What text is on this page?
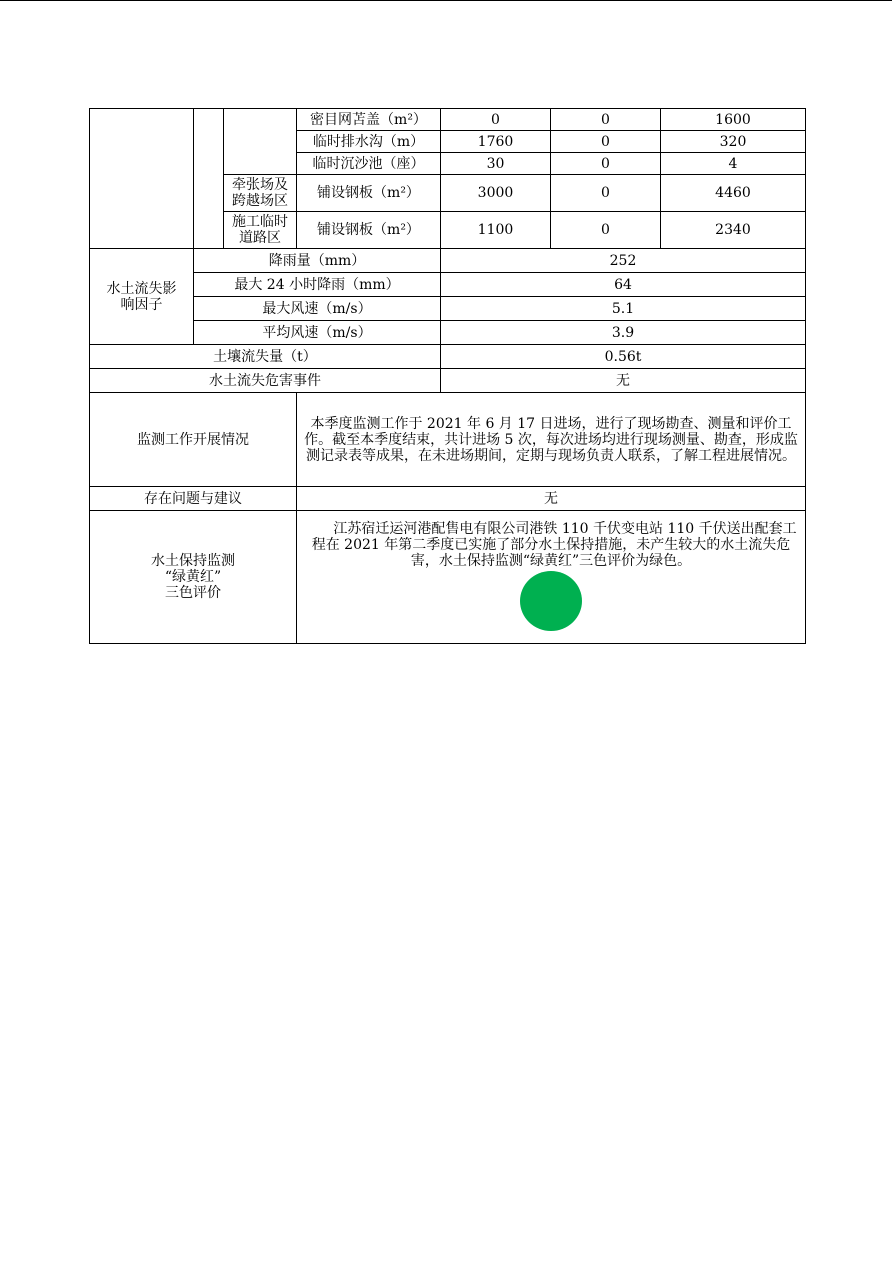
			密目网苫盖（m²）	0	0	1600
			临时排水沟（m）	1760	0	320
			临时沉沙池（座）	30	0	4
		牵张场及跨越场区	铺设钢板（m²）	3000	0	4460
		施工临时道路区	铺设钢板（m²）	1100	0	2340
水土流失影响因子	降雨量（mm）			252		
	最大 24 小时降雨（mm）			64		
	最大风速（m/s）			5.1		
	平均风速（m/s）			3.9		
土壤流失量（t）				0.56t		
水土流失危害事件				无		
监测工作开展情况			本季度监测工作于 2021 年 6 月 17 日进场，进行了现场勘查、测量和评价工作。截至本季度结束，共计进场 5 次，每次进场均进行现场测量、勘查，形成监测记录表等成果，在未进场期间，定期与现场负责人联系，了解工程进展情况。			
存在问题与建议			无			

水土保持监测
“绿黄红”
三色评价			江苏宿迁运河港配售电有限公司港铁 110 千伏变电站 110 千伏送出配套工程在 2021 年第二季度已实施了部分水土保持措施，未产生较大的水土流失危害，水土保持监测“绿黄红”三色评价为绿色。			
